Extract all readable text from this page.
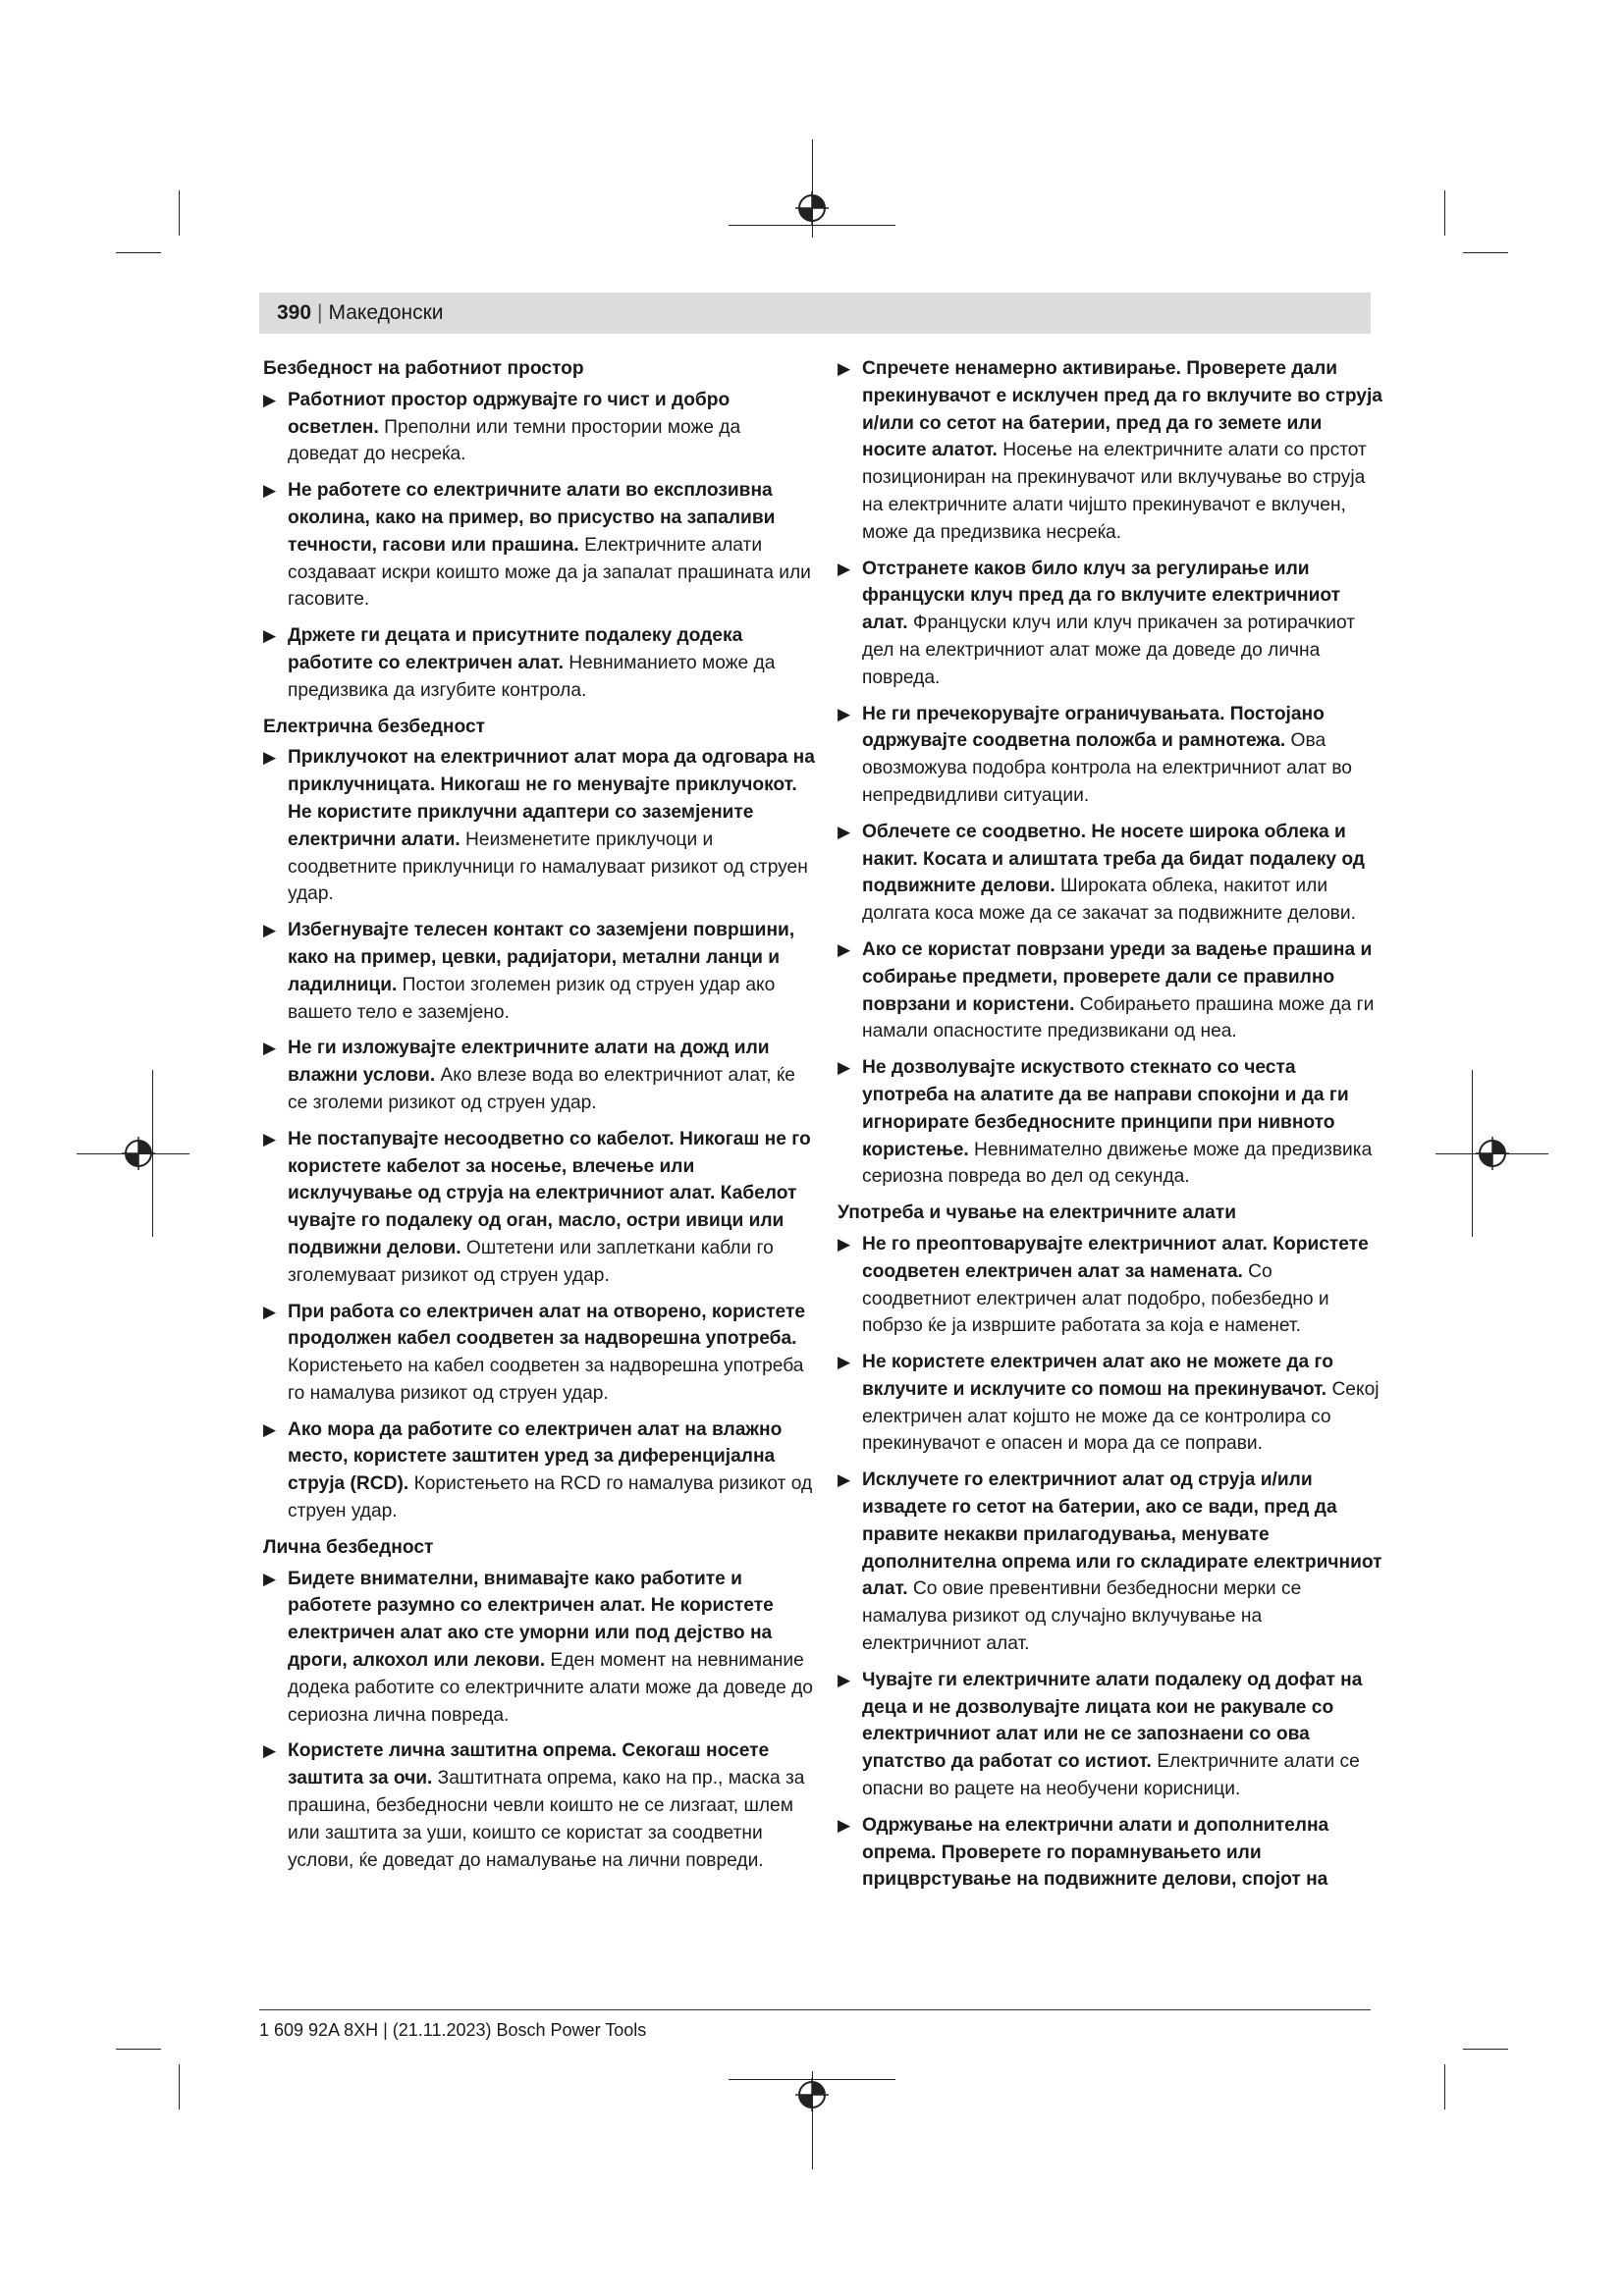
390 | Македонски
Безбедност на работниот простор
▶ Работниот простор одржувајте го чист и добро осветлен. Преполни или темни простории може да доведат до несреќа.
▶ Не работете со електричните алати во експлозивна околина, како на пример, во присуство на запаливи течности, гасови или прашина. Електричните алати создаваат искри коишто може да ја запалат прашината или гасовите.
▶ Држете ги децата и присутните подалеку додека работите со електричен алат. Невниманието може да предизвика да изгубите контрола.
Електрична безбедност
▶ Приклучокот на електричниот алат мора да одговара на приклучницата. Никогаш не го менувајте приклучокот. Не користите приклучни адаптери со заземјените електрични алати. Неизменетите приклучоци и соодветните приклучници го намалуваат ризикот од струен удар.
▶ Избегнувајте телесен контакт со заземјени површини, како на пример, цевки, радијатори, метални ланци и ладилници. Постои зголемен ризик од струен удар ако вашето тело е заземјено.
▶ Не ги изложувајте електричните алати на дожд или влажни услови. Ако влезе вода во електричниот алат, ќе се зголеми ризикот од струен удар.
▶ Не постапувајте несоодветно со кабелот. Никогаш не го користете кабелот за носење, влечење или исклучување од струја на електричниот алат. Кабелот чувајте го подалеку од оган, масло, остри ивици или подвижни делови. Оштетени или заплеткани кабли го зголемуваат ризикот од струен удар.
▶ При работа со електричен алат на отворено, користете продолжен кабел соодветен за надворешна употреба. Користењето на кабел соодветен за надворешна употреба го намалува ризикот од струен удар.
▶ Ако мора да работите со електричен алат на влажно место, користете заштитен уред за диференцијална струја (RCD). Користењето на RCD го намалува ризикот од струен удар.
Лична безбедност
▶ Бидете внимателни, внимавајте како работите и работете разумно со електричен алат. Не користете електричен алат ако сте уморни или под дејство на дроги, алкохол или лекови. Еден момент на невнимание додека работите со електричните алати може да доведе до сериозна лична повреда.
▶ Користете лична заштитна опрема. Секогаш носете заштита за очи. Заштитната опрема, како на пр., маска за прашина, безбедносни чевли коишто не се лизгаат, шлем или заштита за уши, коишто се користат за соодветни услови, ќе доведат до намалување на лични повреди.
▶ Спречете ненамерно активирање. Проверете дали прекинувачот е исклучен пред да го вклучите во струја и/или со сетот на батерии, пред да го земете или носите алатот. Носење на електричните алати со прстот позициониран на прекинувачот или вклучување во струја на електричните алати чијшто прекинувачот е вклучен, може да предизвика несреќа.
▶ Отстранете каков било клуч за регулирање или француски клуч пред да го вклучите електричниот алат. Француски клуч или клуч прикачен за ротирачкиот дел на електричниот алат може да доведе до лична повреда.
▶ Не ги пречекорувајте ограничувањата. Постојано одржувајте соодветна положба и рамнотежа. Ова овозможува подобра контрола на електричниот алат во непредвидливи ситуации.
▶ Облечете се соодветно. Не носете широка облека и накит. Косата и алиштата треба да бидат подалеку од подвижните делови. Широката облека, накитот или долгата коса може да се закачат за подвижните делови.
▶ Ако се користат поврзани уреди за вадење прашина и собирање предмети, проверете дали се правилно поврзани и користени. Собирањето прашина може да ги намали опасностите предизвикани од неа.
▶ Не дозволувајте искуството стекнато со честа употреба на алатите да ве направи спокојни и да ги игнорирате безбедносните принципи при нивното користење. Невнимателно движење може да предизвика сериозна повреда во дел од секунда.
Употреба и чување на електричните алати
▶ Не го преоптоварувајте електричниот алат. Користете соодветен електричен алат за намената. Со соодветниот електричен алат подобро, побезбедно и побрзо ќе ја извршите работата за која е наменет.
▶ Не користете електричен алат ако не можете да го вклучите и исклучите со помош на прекинувачот. Секој електричен алат којшто не може да се контролира со прекинувачот е опасен и мора да се поправи.
▶ Исклучете го електричниот алат од струја и/или извадете го сетот на батерии, ако се вади, пред да правите некакви прилагодувања, менувате дополнителна опрема или го складирате електричниот алат. Со овие превентивни безбедносни мерки се намалува ризикот од случајно вклучување на електричниот алат.
▶ Чувајте ги електричните алати подалеку од дофат на деца и не дозволувајте лицата кои не ракувале со електричниот алат или не се запознаени со ова упатство да работат со истиот. Електричните алати се опасни во рацете на необучени корисници.
▶ Одржување на електрични алати и дополнителна опрема. Проверете го порамнувањето или прицврстување на подвижните делови, спојот на
1 609 92A 8XH | (21.11.2023) Bosch Power Tools
